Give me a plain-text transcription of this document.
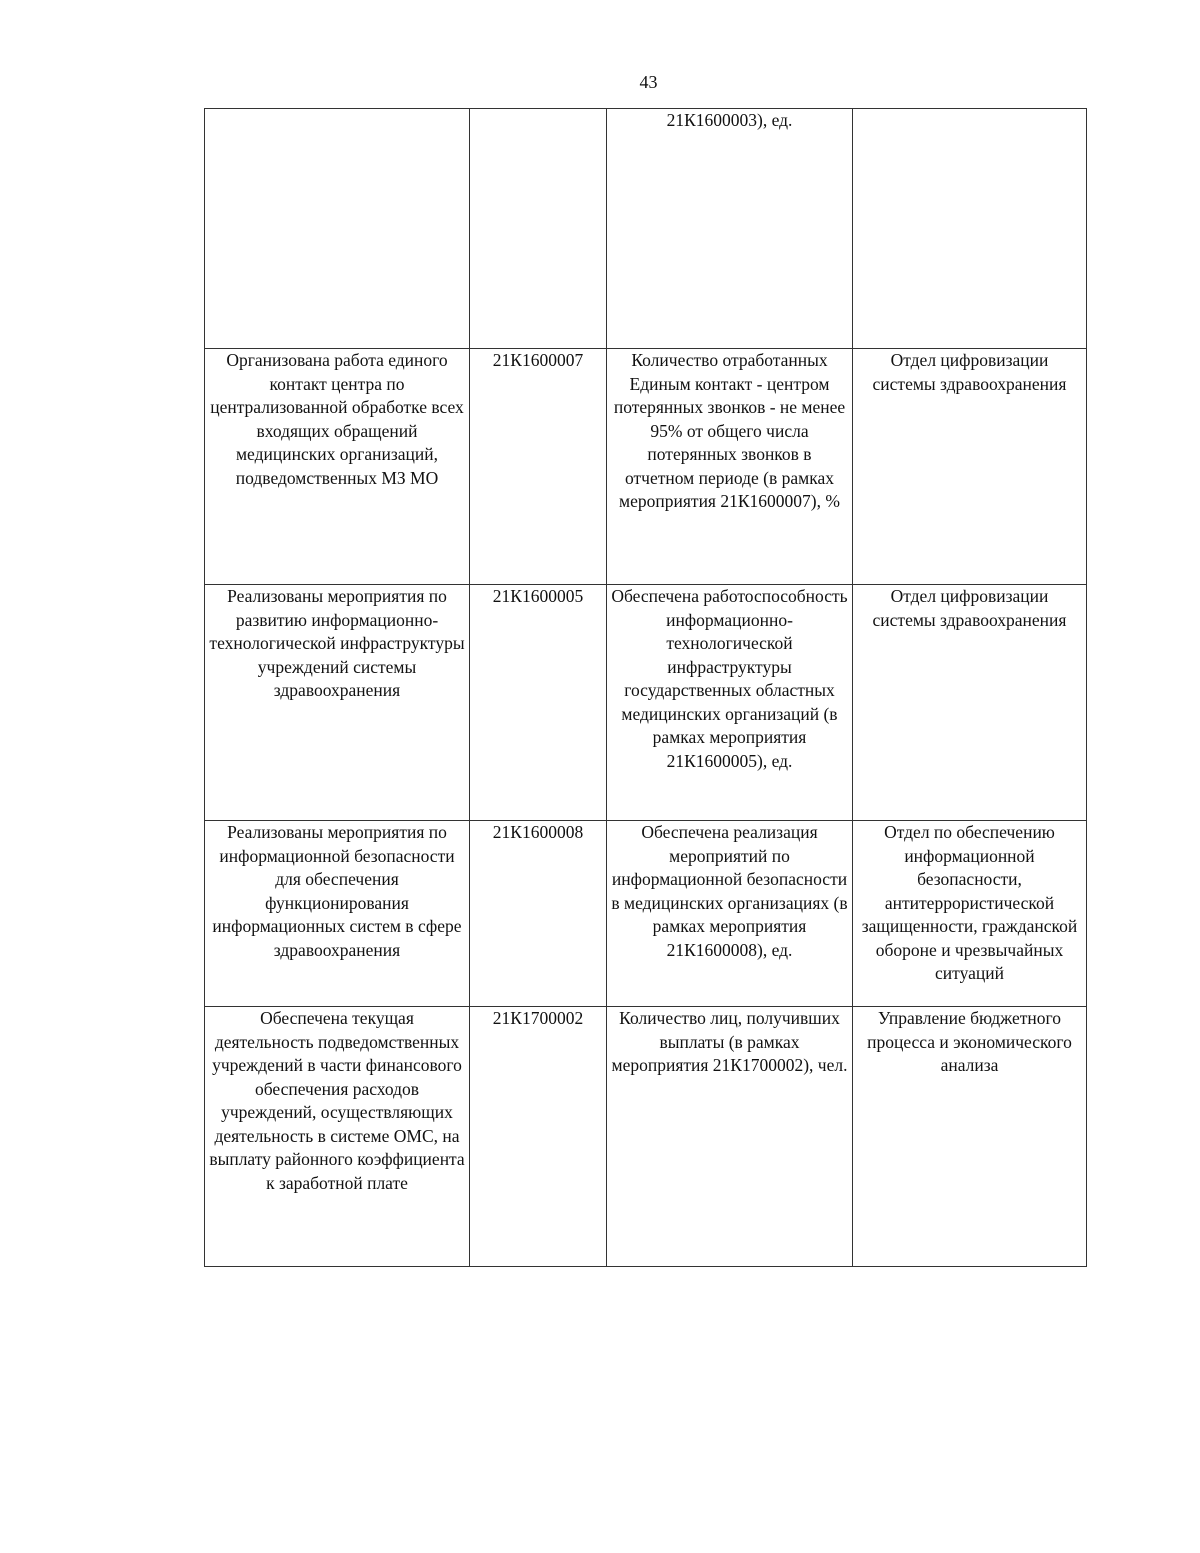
43
		21К1600003), ед.	
Организована работа единого контакт центра по централизованной обработке всех входящих обращений медицинских организаций, подведомственных МЗ МО	21К1600007	Количество отработанных Единым контакт - центром потерянных звонков - не менее 95% от общего числа потерянных звонков в отчетном периоде (в рамках мероприятия 21К1600007), %	Отдел цифровизации системы здравоохранения
Реализованы мероприятия по развитию информационно-технологической инфраструктуры учреждений системы здравоохранения	21К1600005	Обеспечена работоспособность информационно-технологической инфраструктуры государственных областных медицинских организаций (в рамках мероприятия 21К1600005), ед.	Отдел цифровизации системы здравоохранения
Реализованы мероприятия по информационной безопасности для обеспечения функционирования информационных систем в сфере здравоохранения	21К1600008	Обеспечена реализация мероприятий по информационной безопасности в медицинских организациях (в рамках мероприятия 21К1600008), ед.	Отдел по обеспечению информационной безопасности, антитеррористической защищенности, гражданской обороне и чрезвычайных ситуаций
Обеспечена текущая деятельность подведомственных учреждений в части финансового обеспечения расходов учреждений, осуществляющих деятельность в системе ОМС, на выплату районного коэффициента к заработной плате	21К1700002	Количество лиц, получивших выплаты (в рамках мероприятия 21К1700002), чел.	Управление бюджетного процесса и экономического анализа
